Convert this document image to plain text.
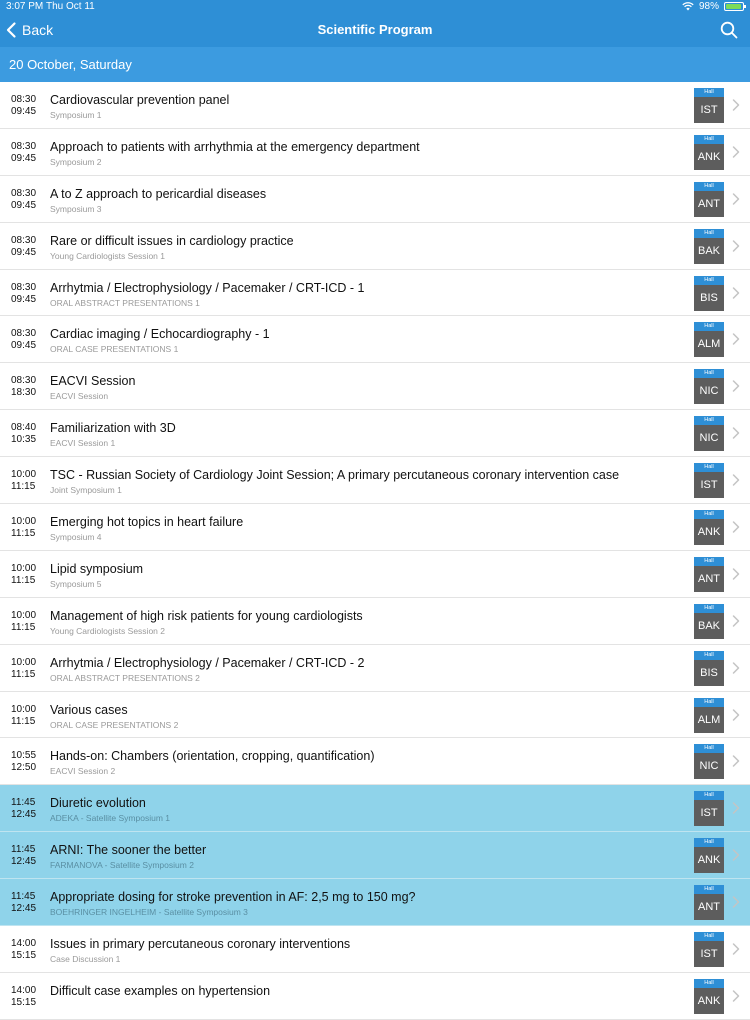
3:07 PM Thu Oct 11	98%
Back	Scientific Program
20 October, Saturday
08:30
09:45
Cardiovascular prevention panel
Symposium 1
Hall
IST
08:30
09:45
Approach to patients with arrhythmia at the emergency department
Symposium 2
Hall
ANK
08:30
09:45
A to Z approach to pericardial diseases
Symposium 3
Hall
ANT
08:30
09:45
Rare or difficult issues in cardiology practice
Young Cardiologists Session 1
Hall
BAK
08:30
09:45
Arrhytmia / Electrophysiology / Pacemaker / CRT-ICD - 1
ORAL ABSTRACT PRESENTATIONS 1
Hall
BIS
08:30
09:45
Cardiac imaging / Echocardiography - 1
ORAL CASE PRESENTATIONS 1
Hall
ALM
08:30
18:30
EACVI Session
EACVI Session
Hall
NIC
08:40
10:35
Familiarization with 3D
EACVI Session 1
Hall
NIC
10:00
11:15
TSC - Russian Society of Cardiology Joint Session; A primary percutaneous coronary intervention case
Joint Symposium 1
Hall
IST
10:00
11:15
Emerging hot topics in heart failure
Symposium 4
Hall
ANK
10:00
11:15
Lipid symposium
Symposium 5
Hall
ANT
10:00
11:15
Management of high risk patients for young cardiologists
Young Cardiologists Session 2
Hall
BAK
10:00
11:15
Arrhytmia / Electrophysiology / Pacemaker / CRT-ICD - 2
ORAL ABSTRACT PRESENTATIONS 2
Hall
BIS
10:00
11:15
Various cases
ORAL CASE PRESENTATIONS 2
Hall
ALM
10:55
12:50
Hands-on: Chambers (orientation, cropping, quantification)
EACVI Session 2
Hall
NIC
11:45
12:45
Diuretic evolution
ADEKA - Satellite Symposium 1
Hall
IST
11:45
12:45
ARNI: The sooner the better
FARMANOVA - Satellite Symposium 2
Hall
ANK
11:45
12:45
Appropriate dosing for stroke prevention in AF: 2,5 mg to 150 mg?
BOEHRINGER INGELHEIM - Satellite Symposium 3
Hall
ANT
14:00
15:15
Issues in primary percutaneous coronary interventions
Case Discussion 1
Hall
IST
14:00
15:15
Difficult case examples on hypertension
Hall
ANK
